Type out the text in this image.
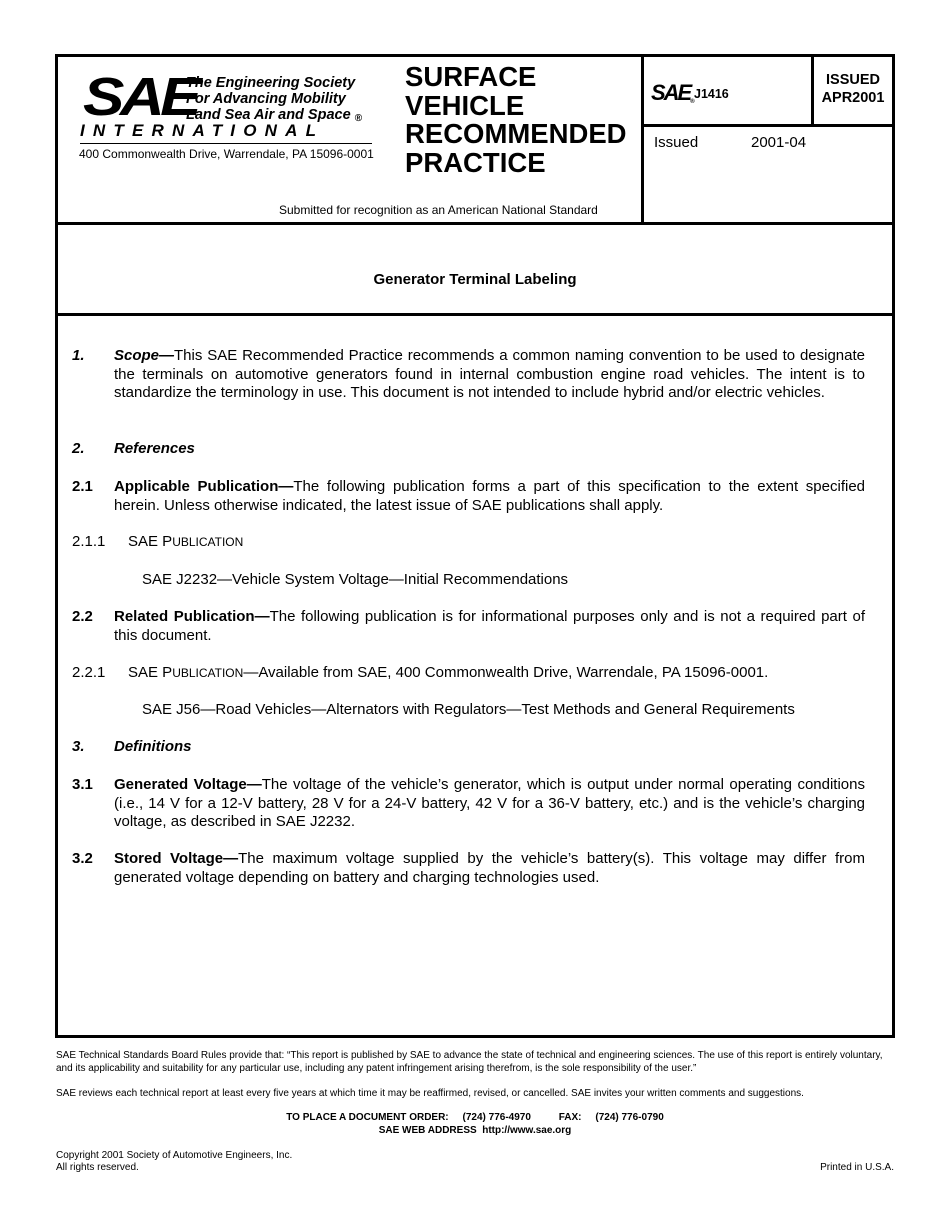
SAE
The Engineering Society
For Advancing Mobility
Land Sea Air and Space ®
INTERNATIONAL
400 Commonwealth Drive, Warrendale, PA 15096-0001
SURFACE
VEHICLE
RECOMMENDED
PRACTICE
Submitted for recognition as an American National Standard
SAE®
J1416
ISSUED
APR2001
Issued	2001-04
Generator Terminal Labeling
1. Scope—This SAE Recommended Practice recommends a common naming convention to be used to designate the terminals on automotive generators found in internal combustion engine road vehicles. The intent is to standardize the terminology in use. This document is not intended to include hybrid and/or electric vehicles.
2. References
2.1 Applicable Publication—The following publication forms a part of this specification to the extent specified herein. Unless otherwise indicated, the latest issue of SAE publications shall apply.
2.1.1 SAE PUBLICATION
SAE J2232—Vehicle System Voltage—Initial Recommendations
2.2 Related Publication—The following publication is for informational purposes only and is not a required part of this document.
2.2.1 SAE PUBLICATION—Available from SAE, 400 Commonwealth Drive, Warrendale, PA 15096-0001.
SAE J56—Road Vehicles—Alternators with Regulators—Test Methods and General Requirements
3. Definitions
3.1 Generated Voltage—The voltage of the vehicle’s generator, which is output under normal operating conditions (i.e., 14 V for a 12-V battery, 28 V for a 24-V battery, 42 V for a 36-V battery, etc.) and is the vehicle’s charging voltage, as described in SAE J2232.
3.2 Stored Voltage—The maximum voltage supplied by the vehicle’s battery(s). This voltage may differ from generated voltage depending on battery and charging technologies used.
SAE Technical Standards Board Rules provide that: “This report is published by SAE to advance the state of technical and engineering sciences. The use of this report is entirely voluntary, and its applicability and suitability for any particular use, including any patent infringement arising therefrom, is the sole responsibility of the user.”
SAE reviews each technical report at least every five years at which time it may be reaffirmed, revised, or cancelled. SAE invites your written comments and suggestions.
TO PLACE A DOCUMENT ORDER:     (724) 776-4970          FAX:     (724) 776-0790
SAE WEB ADDRESS  http://www.sae.org
Copyright 2001 Society of Automotive Engineers, Inc.
All rights reserved.	Printed in U.S.A.
